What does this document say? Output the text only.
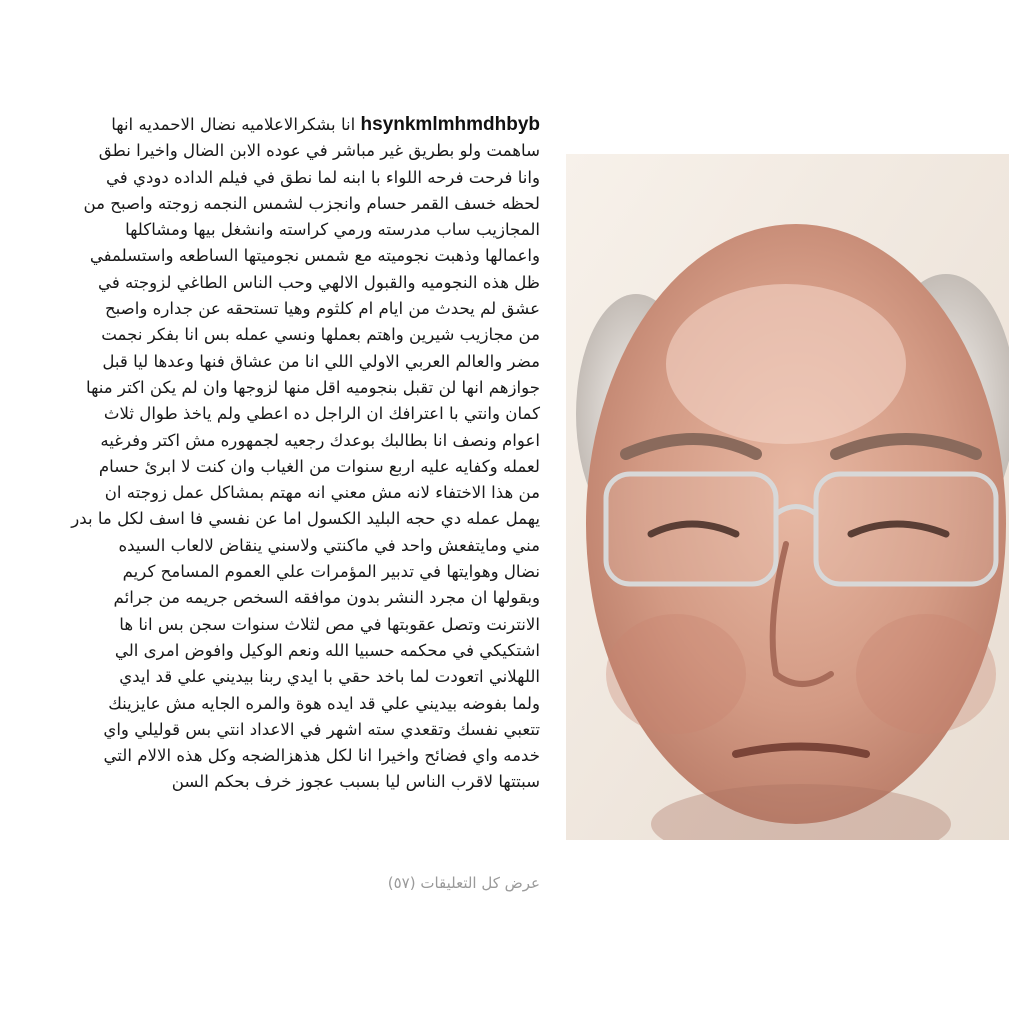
hsynkmlmhmdhbyb انا بشكرالاعلاميه نضال الاحمديه انها
ساهمت ولو بطريق غير مباشر في عوده الابن الضال واخيرا نطق
وانا فرحت فرحه اللواء با ابنه لما نطق في فيلم الداده دودي في
لحظه خسف القمر حسام وانجزب لشمس النجمه زوجته واصبح من
المجازيب ساب مدرسته ورمي كراسته وانشغل بيها ومشاكلها
واعمالها وذهبت نجوميته مع شمس نجوميتها الساطعه واستسلمفي
ظل هذه النجوميه والقبول الالهي وحب الناس الطاغي لزوجته في
عشق لم يحدث من ايام ام كلثوم وهيا تستحقه عن جداره واصبح
من مجازيب شيرين واهتم بعملها ونسي عمله بس انا بفكر نجمت
مضر والعالم العربي الاولي اللي انا من عشاق فنها وعدها ليا قبل
جوازهم انها لن تقبل بنجوميه اقل منها لزوجها وان لم يكن اكتر منها
كمان وانتي با اعترافك ان الراجل ده اعطي ولم ياخذ طوال ثلاث
اعوام ونصف انا بطالبك بوعدك رجعيه لجمهوره مش اكتر وفرغيه
لعمله وكفايه عليه اربع سنوات من الغياب وان كنت لا ابرئ حسام
من هذا الاختفاء لانه مش معني انه مهتم بمشاكل عمل زوجته ان
يهمل عمله دي حجه البليد الكسول اما عن نفسي فا اسف لكل ما بدر
مني ومايتفعش واحد في ماكنتي ولاسني ينقاض لالعاب السيده
نضال وهوايتها في تدبير المؤمرات علي العموم المسامح كريم
وبقولها ان مجرد النشر بدون موافقه السخص جريمه من جرائم
الانترنت وتصل عقوبتها في مص لثلاث سنوات سجن بس انا ها
اشتكيكي في محكمه حسبيا الله ونعم الوكيل وافوض امرى الي
اللهلاني اتعودت لما باخد حقي با ايدي ربنا بيديني علي قد ايدي
ولما بفوضه بيديني علي قد ايده هوة والمره الجايه مش عايزينك
تتعبي نفسك وتقعدي سته اشهر في الاعداد انتي بس قوليلي واي
خدمه واي فضائح واخيرا انا لكل هذهزالضجه وكل هذه الالام التي
سبتتها لاقرب الناس ليا بسبب عجوز خرف بحكم السن
عرض كل التعليقات (٥٧)
